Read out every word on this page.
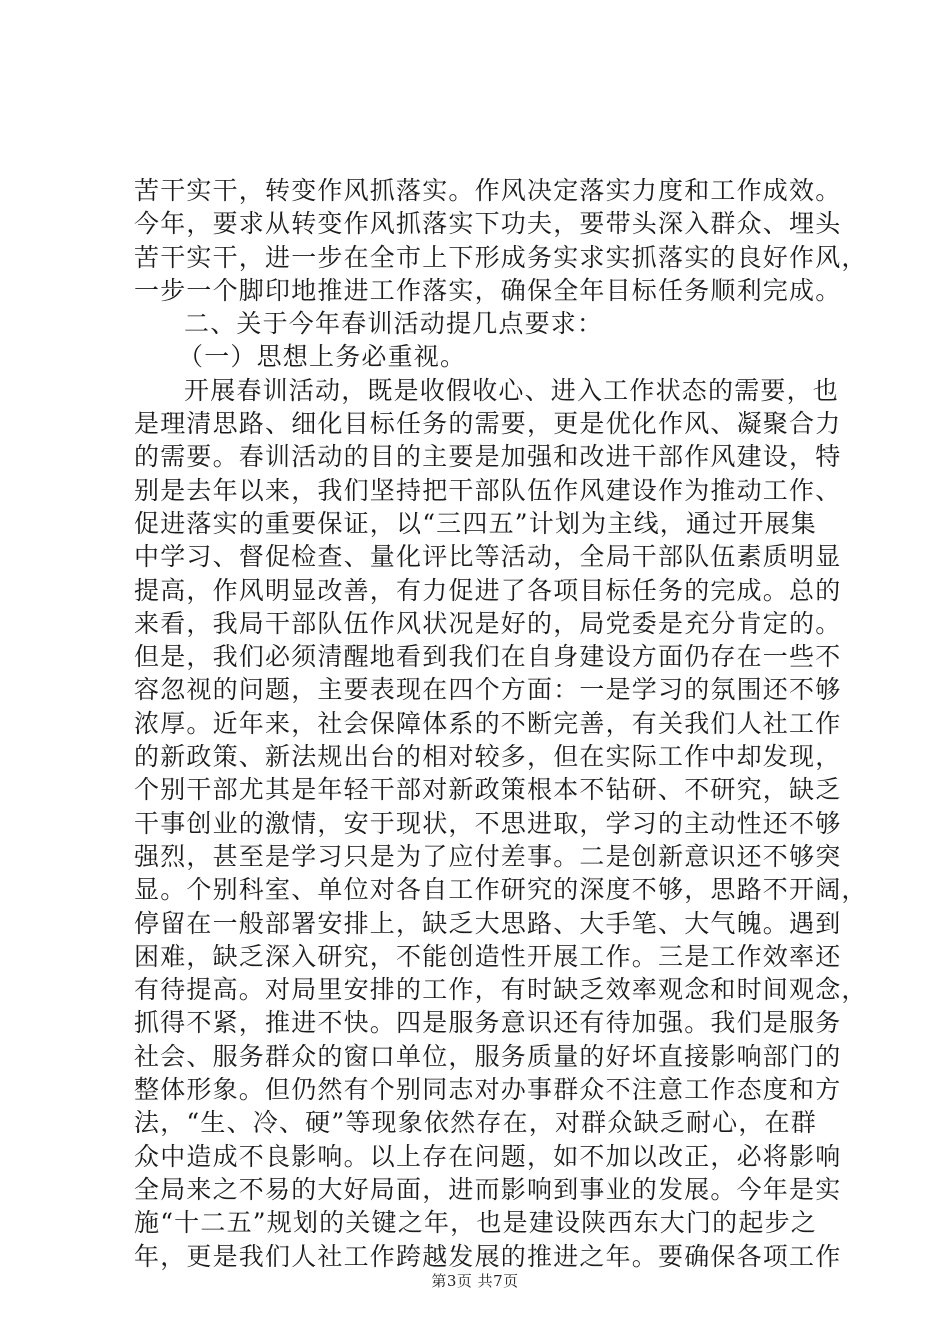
苦干实干，转变作风抓落实。作风决定落实力度和工作成效。
今年，要求从转变作风抓落实下功夫，要带头深入群众、埋头
苦干实干，进一步在全市上下形成务实求实抓落实的良好作风，
一步一个脚印地推进工作落实，确保全年目标任务顺利完成。
二、关于今年春训活动提几点要求：
（一）思想上务必重视。
开展春训活动，既是收假收心、进入工作状态的需要，也
是理清思路、细化目标任务的需要，更是优化作风、凝聚合力
的需要。春训活动的目的主要是加强和改进干部作风建设，特
别是去年以来，我们坚持把干部队伍作风建设作为推动工作、
促进落实的重要保证，以“三四五”计划为主线，通过开展集
中学习、督促检查、量化评比等活动，全局干部队伍素质明显
提高，作风明显改善，有力促进了各项目标任务的完成。总的
来看，我局干部队伍作风状况是好的，局党委是充分肯定的。
但是，我们必须清醒地看到我们在自身建设方面仍存在一些不
容忽视的问题，主要表现在四个方面：一是学习的氛围还不够
浓厚。近年来，社会保障体系的不断完善，有关我们人社工作
的新政策、新法规出台的相对较多，但在实际工作中却发现，
个别干部尤其是年轻干部对新政策根本不钻研、不研究，缺乏
干事创业的激情，安于现状，不思进取，学习的主动性还不够
强烈，甚至是学习只是为了应付差事。二是创新意识还不够突
显。个别科室、单位对各自工作研究的深度不够，思路不开阔，
停留在一般部署安排上，缺乏大思路、大手笔、大气魄。遇到
困难，缺乏深入研究，不能创造性开展工作。三是工作效率还
有待提高。对局里安排的工作，有时缺乏效率观念和时间观念，
抓得不紧，推进不快。四是服务意识还有待加强。我们是服务
社会、服务群众的窗口单位，服务质量的好坏直接影响部门的
整体形象。但仍然有个别同志对办事群众不注意工作态度和方
法，“生、冷、硬”等现象依然存在，对群众缺乏耐心，在群
众中造成不良影响。以上存在问题，如不加以改正，必将影响
全局来之不易的大好局面，进而影响到事业的发展。今年是实
施“十二五”规划的关键之年，也是建设陕西东大门的起步之
年，更是我们人社工作跨越发展的推进之年。要确保各项工作
第3页 共7页
